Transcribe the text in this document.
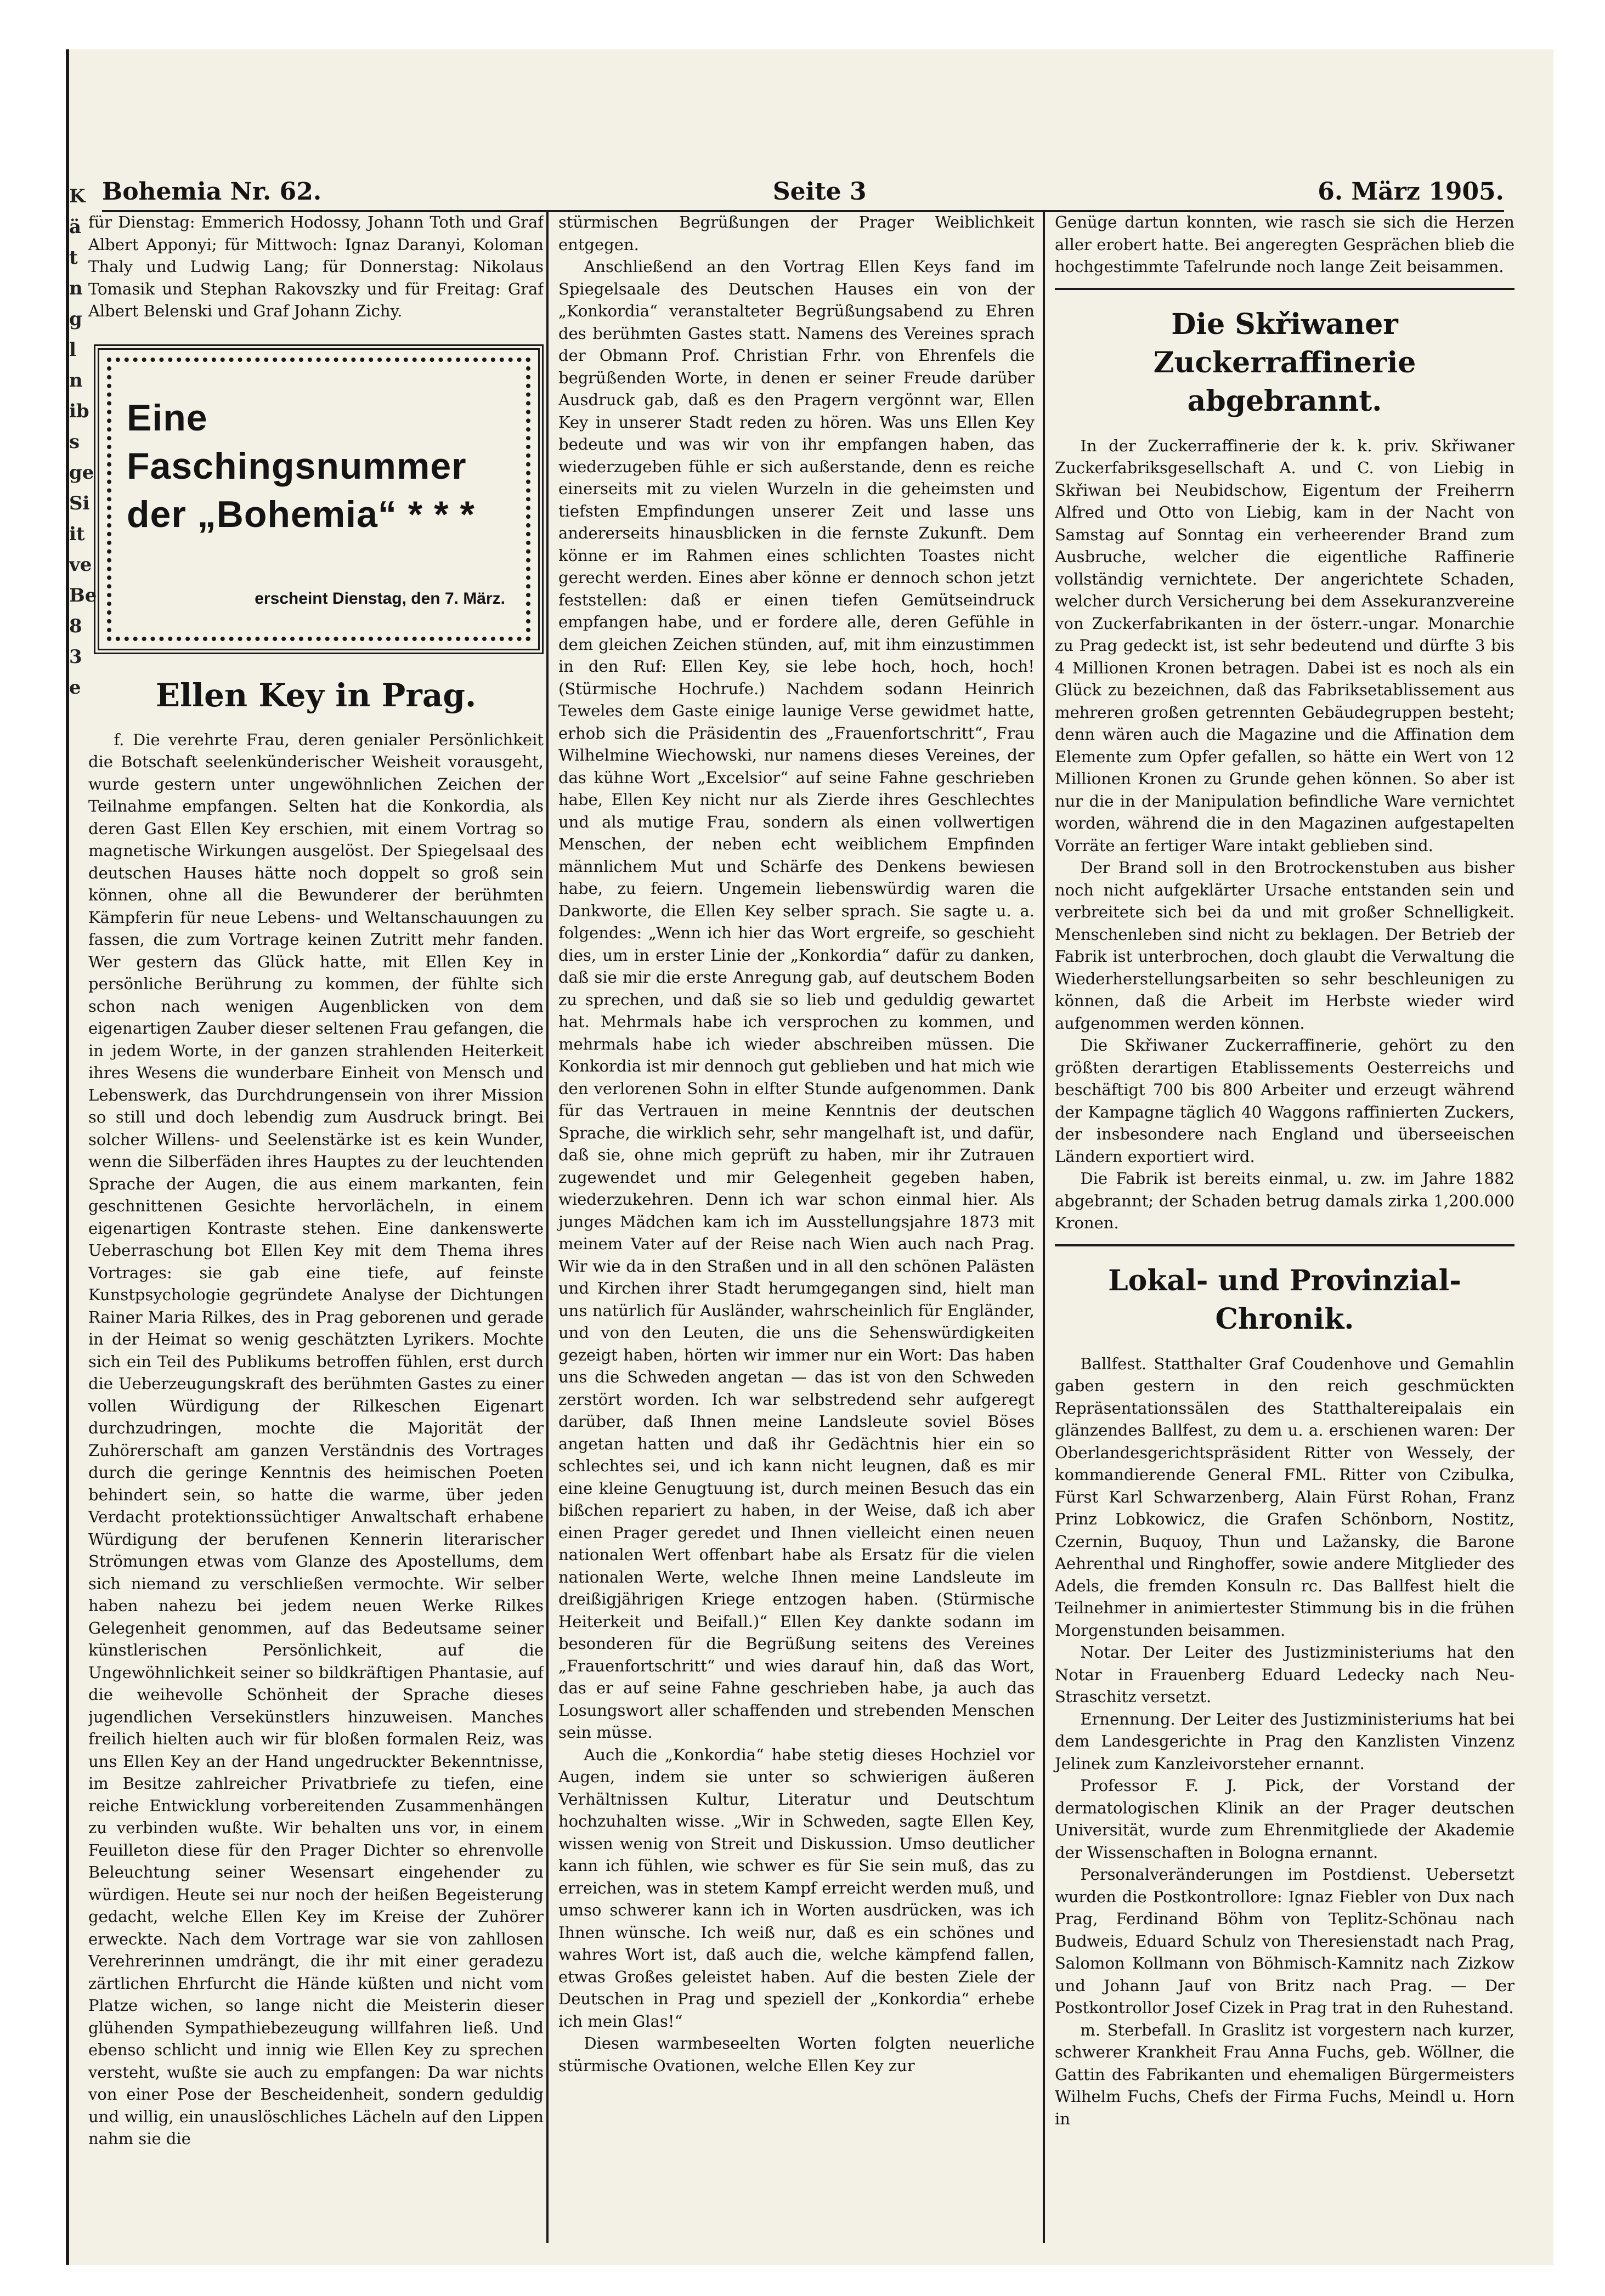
K
ä
t
n
g
l
n
ib
s
ge
Si
it
ve
Be
8
3
e
Bohemia Nr. 62.	Seite 3	6. März 1905.

für Dienstag: Emmerich Hodossy, Johann Toth und Graf Albert Apponyi; für Mittwoch: Ignaz Daranyi, Koloman Thaly und Ludwig Lang; für Donnerstag: Nikolaus Tomasik und Stephan Rakovszky und für Freitag: Graf Albert Belenski und Graf Johann Zichy.

Eine Faschingsnummer
der „Bohemia“ * * *
erscheint Dienstag, den 7. März.
Ellen Key in Prag.

f. Die verehrte Frau, deren genialer Persönlichkeit die Botschaft seelenkünderischer Weisheit vorausgeht, wurde gestern unter ungewöhnlichen Zeichen der Teilnahme empfangen. Selten hat die Konkordia, als deren Gast Ellen Key erschien, mit einem Vortrag so magnetische Wirkungen ausgelöst. Der Spiegelsaal des deutschen Hauses hätte noch doppelt so groß sein können, ohne all die Bewunderer der berühmten Kämpferin für neue Lebens- und Weltanschauungen zu fassen, die zum Vortrage keinen Zutritt mehr fanden. Wer gestern das Glück hatte, mit Ellen Key in persönliche Berührung zu kommen, der fühlte sich schon nach wenigen Augenblicken von dem eigenartigen Zauber dieser seltenen Frau gefangen, die in jedem Worte, in der ganzen strahlenden Heiterkeit ihres Wesens die wunderbare Einheit von Mensch und Lebenswerk, das Durchdrungensein von ihrer Mission so still und doch lebendig zum Ausdruck bringt. Bei solcher Willens- und Seelenstärke ist es kein Wunder, wenn die Silberfäden ihres Hauptes zu der leuchtenden Sprache der Augen, die aus einem markanten, fein geschnittenen Gesichte hervorlächeln, in einem eigenartigen Kontraste stehen. Eine dankenswerte Ueberraschung bot Ellen Key mit dem Thema ihres Vortrages: sie gab eine tiefe, auf feinste Kunstpsychologie gegründete Analyse der Dichtungen Rainer Maria Rilkes, des in Prag geborenen und gerade in der Heimat so wenig geschätzten Lyrikers. Mochte sich ein Teil des Publikums betroffen fühlen, erst durch die Ueberzeugungskraft des berühmten Gastes zu einer vollen Würdigung der Rilkeschen Eigenart durchzudringen, mochte die Majorität der Zuhörerschaft am ganzen Verständnis des Vortrages durch die geringe Kenntnis des heimischen Poeten behindert sein, so hatte die warme, über jeden Verdacht protektionssüchtiger Anwaltschaft erhabene Würdigung der berufenen Kennerin literarischer Strömungen etwas vom Glanze des Apostellums, dem sich niemand zu verschließen vermochte. Wir selber haben nahezu bei jedem neuen Werke Rilkes Gelegenheit genommen, auf das Bedeutsame seiner künstlerischen Persönlichkeit, auf die Ungewöhnlichkeit seiner so bildkräftigen Phantasie, auf die weihevolle Schönheit der Sprache dieses jugendlichen Versekünstlers hinzuweisen. Manches freilich hielten auch wir für bloßen formalen Reiz, was uns Ellen Key an der Hand ungedruckter Bekenntnisse, im Besitze zahlreicher Privatbriefe zu tiefen, eine reiche Entwicklung vorbereitenden Zusammenhängen zu verbinden wußte. Wir behalten uns vor, in einem Feuilleton diese für den Prager Dichter so ehrenvolle Beleuchtung seiner Wesensart eingehender zu würdigen. Heute sei nur noch der heißen Begeisterung gedacht, welche Ellen Key im Kreise der Zuhörer erweckte. Nach dem Vortrage war sie von zahllosen Verehrerinnen umdrängt, die ihr mit einer geradezu zärtlichen Ehrfurcht die Hände küßten und nicht vom Platze wichen, so lange nicht die Meisterin dieser glühenden Sympathiebezeugung willfahren ließ. Und ebenso schlicht und innig wie Ellen Key zu sprechen versteht, wußte sie auch zu empfangen: Da war nichts von einer Pose der Bescheidenheit, sondern geduldig und willig, ein unauslöschliches Lächeln auf den Lippen nahm sie die

stürmischen Begrüßungen der Prager Weiblichkeit entgegen.

Anschließend an den Vortrag Ellen Keys fand im Spiegelsaale des Deutschen Hauses ein von der „Konkordia“ veranstalteter Begrüßungsabend zu Ehren des berühmten Gastes statt. Namens des Vereines sprach der Obmann Prof. Christian Frhr. von Ehrenfels die begrüßenden Worte, in denen er seiner Freude darüber Ausdruck gab, daß es den Pragern vergönnt war, Ellen Key in unserer Stadt reden zu hören. Was uns Ellen Key bedeute und was wir von ihr empfangen haben, das wiederzugeben fühle er sich außerstande, denn es reiche einerseits mit zu vielen Wurzeln in die geheimsten und tiefsten Empfindungen unserer Zeit und lasse uns andererseits hinausblicken in die fernste Zukunft. Dem könne er im Rahmen eines schlichten Toastes nicht gerecht werden. Eines aber könne er dennoch schon jetzt feststellen: daß er einen tiefen Gemütseindruck empfangen habe, und er fordere alle, deren Gefühle in dem gleichen Zeichen stünden, auf, mit ihm einzustimmen in den Ruf: Ellen Key, sie lebe hoch, hoch, hoch! (Stürmische Hochrufe.) Nachdem sodann Heinrich Teweles dem Gaste einige launige Verse gewidmet hatte, erhob sich die Präsidentin des „Frauenfortschritt“, Frau Wilhelmine Wiechowski, nur namens dieses Vereines, der das kühne Wort „Excelsior“ auf seine Fahne geschrieben habe, Ellen Key nicht nur als Zierde ihres Geschlechtes und als mutige Frau, sondern als einen vollwertigen Menschen, der neben echt weiblichem Empfinden männlichem Mut und Schärfe des Denkens bewiesen habe, zu feiern. Ungemein liebenswürdig waren die Dankworte, die Ellen Key selber sprach. Sie sagte u. a. folgendes: „Wenn ich hier das Wort ergreife, so geschieht dies, um in erster Linie der „Konkordia“ dafür zu danken, daß sie mir die erste Anregung gab, auf deutschem Boden zu sprechen, und daß sie so lieb und geduldig gewartet hat. Mehrmals habe ich versprochen zu kommen, und mehrmals habe ich wieder abschreiben müssen. Die Konkordia ist mir dennoch gut geblieben und hat mich wie den verlorenen Sohn in elfter Stunde aufgenommen. Dank für das Vertrauen in meine Kenntnis der deutschen Sprache, die wirklich sehr, sehr mangelhaft ist, und dafür, daß sie, ohne mich geprüft zu haben, mir ihr Zutrauen zugewendet und mir Gelegenheit gegeben haben, wiederzukehren. Denn ich war schon einmal hier. Als junges Mädchen kam ich im Ausstellungsjahre 1873 mit meinem Vater auf der Reise nach Wien auch nach Prag. Wir wie da in den Straßen und in all den schönen Palästen und Kirchen ihrer Stadt herumgegangen sind, hielt man uns natürlich für Ausländer, wahrscheinlich für Engländer, und von den Leuten, die uns die Sehenswürdigkeiten gezeigt haben, hörten wir immer nur ein Wort: Das haben uns die Schweden angetan — das ist von den Schweden zerstört worden. Ich war selbstredend sehr aufgeregt darüber, daß Ihnen meine Landsleute soviel Böses angetan hatten und daß ihr Gedächtnis hier ein so schlechtes sei, und ich kann nicht leugnen, daß es mir eine kleine Genugtuung ist, durch meinen Besuch das ein bißchen repariert zu haben, in der Weise, daß ich aber einen Prager geredet und Ihnen vielleicht einen neuen nationalen Wert offenbart habe als Ersatz für die vielen nationalen Werte, welche Ihnen meine Landsleute im dreißigjährigen Kriege entzogen haben. (Stürmische Heiterkeit und Beifall.)“ Ellen Key dankte sodann im besonderen für die Begrüßung seitens des Vereines „Frauenfortschritt“ und wies darauf hin, daß das Wort, das er auf seine Fahne geschrieben habe, ja auch das Losungswort aller schaffenden und strebenden Menschen sein müsse.

Auch die „Konkordia“ habe stetig dieses Hochziel vor Augen, indem sie unter so schwierigen äußeren Verhältnissen Kultur, Literatur und Deutschtum hochzuhalten wisse. „Wir in Schweden, sagte Ellen Key, wissen wenig von Streit und Diskussion. Umso deutlicher kann ich fühlen, wie schwer es für Sie sein muß, das zu erreichen, was in stetem Kampf erreicht werden muß, und umso schwerer kann ich in Worten ausdrücken, was ich Ihnen wünsche. Ich weiß nur, daß es ein schönes und wahres Wort ist, daß auch die, welche kämpfend fallen, etwas Großes geleistet haben. Auf die besten Ziele der Deutschen in Prag und speziell der „Konkordia“ erhebe ich mein Glas!“

Diesen warmbeseelten Worten folgten neuerliche stürmische Ovationen, welche Ellen Key zur

Genüge dartun konnten, wie rasch sie sich die Herzen aller erobert hatte. Bei angeregten Gesprächen blieb die hochgestimmte Tafelrunde noch lange Zeit beisammen.

Die Skřiwaner Zuckerraffinerie
abgebrannt.

In der Zuckerraffinerie der k. k. priv. Skřiwaner Zuckerfabriksgesellschaft A. und C. von Liebig in Skřiwan bei Neubidschow, Eigentum der Freiherrn Alfred und Otto von Liebig, kam in der Nacht von Samstag auf Sonntag ein verheerender Brand zum Ausbruche, welcher die eigentliche Raffinerie vollständig vernichtete. Der angerichtete Schaden, welcher durch Versicherung bei dem Assekuranzvereine von Zuckerfabrikanten in der österr.-ungar. Monarchie zu Prag gedeckt ist, ist sehr bedeutend und dürfte 3 bis 4 Millionen Kronen betragen. Dabei ist es noch als ein Glück zu bezeichnen, daß das Fabriksetablissement aus mehreren großen getrennten Gebäudegruppen besteht; denn wären auch die Magazine und die Affination dem Elemente zum Opfer gefallen, so hätte ein Wert von 12 Millionen Kronen zu Grunde gehen können. So aber ist nur die in der Manipulation befindliche Ware vernichtet worden, während die in den Magazinen aufgestapelten Vorräte an fertiger Ware intakt geblieben sind.

Der Brand soll in den Brotrockenstuben aus bisher noch nicht aufgeklärter Ursache entstanden sein und verbreitete sich bei da und mit großer Schnelligkeit. Menschenleben sind nicht zu beklagen. Der Betrieb der Fabrik ist unterbrochen, doch glaubt die Verwaltung die Wiederherstellungsarbeiten so sehr beschleunigen zu können, daß die Arbeit im Herbste wieder wird aufgenommen werden können.

Die Skřiwaner Zuckerraffinerie, gehört zu den größten derartigen Etablissements Oesterreichs und beschäftigt 700 bis 800 Arbeiter und erzeugt während der Kampagne täglich 40 Waggons raffinierten Zuckers, der insbesondere nach England und überseeischen Ländern exportiert wird.

Die Fabrik ist bereits einmal, u. zw. im Jahre 1882 abgebrannt; der Schaden betrug damals zirka 1,200.000 Kronen.

Lokal- und Provinzial-Chronik.

Ballfest. Statthalter Graf Coudenhove und Gemahlin gaben gestern in den reich geschmückten Repräsentationssälen des Statthaltereipalais ein glänzendes Ballfest, zu dem u. a. erschienen waren: Der Oberlandesgerichtspräsident Ritter von Wessely, der kommandierende General FML. Ritter von Czibulka, Fürst Karl Schwarzenberg, Alain Fürst Rohan, Franz Prinz Lobkowicz, die Grafen Schönborn, Nostitz, Czernin, Buquoy, Thun und Lažansky, die Barone Aehrenthal und Ringhoffer, sowie andere Mitglieder des Adels, die fremden Konsuln rc. Das Ballfest hielt die Teilnehmer in animiertester Stimmung bis in die frühen Morgenstunden beisammen.

Notar. Der Leiter des Justizministeriums hat den Notar in Frauenberg Eduard Ledecky nach Neu-Straschitz versetzt.

Ernennung. Der Leiter des Justizministeriums hat bei dem Landesgerichte in Prag den Kanzlisten Vinzenz Jelinek zum Kanzleivorsteher ernannt.

Professor F. J. Pick, der Vorstand der dermatologischen Klinik an der Prager deutschen Universität, wurde zum Ehrenmitgliede der Akademie der Wissenschaften in Bologna ernannt.

Personalveränderungen im Postdienst. Uebersetzt wurden die Postkontrollore: Ignaz Fiebler von Dux nach Prag, Ferdinand Böhm von Teplitz-Schönau nach Budweis, Eduard Schulz von Theresienstadt nach Prag, Salomon Kollmann von Böhmisch-Kamnitz nach Zizkow und Johann Jauf von Britz nach Prag. — Der Postkontrollor Josef Cizek in Prag trat in den Ruhestand.

m. Sterbefall. In Graslitz ist vorgestern nach kurzer, schwerer Krankheit Frau Anna Fuchs, geb. Wöllner, die Gattin des Fabrikanten und ehemaligen Bürgermeisters Wilhelm Fuchs, Chefs der Firma Fuchs, Meindl u. Horn in
